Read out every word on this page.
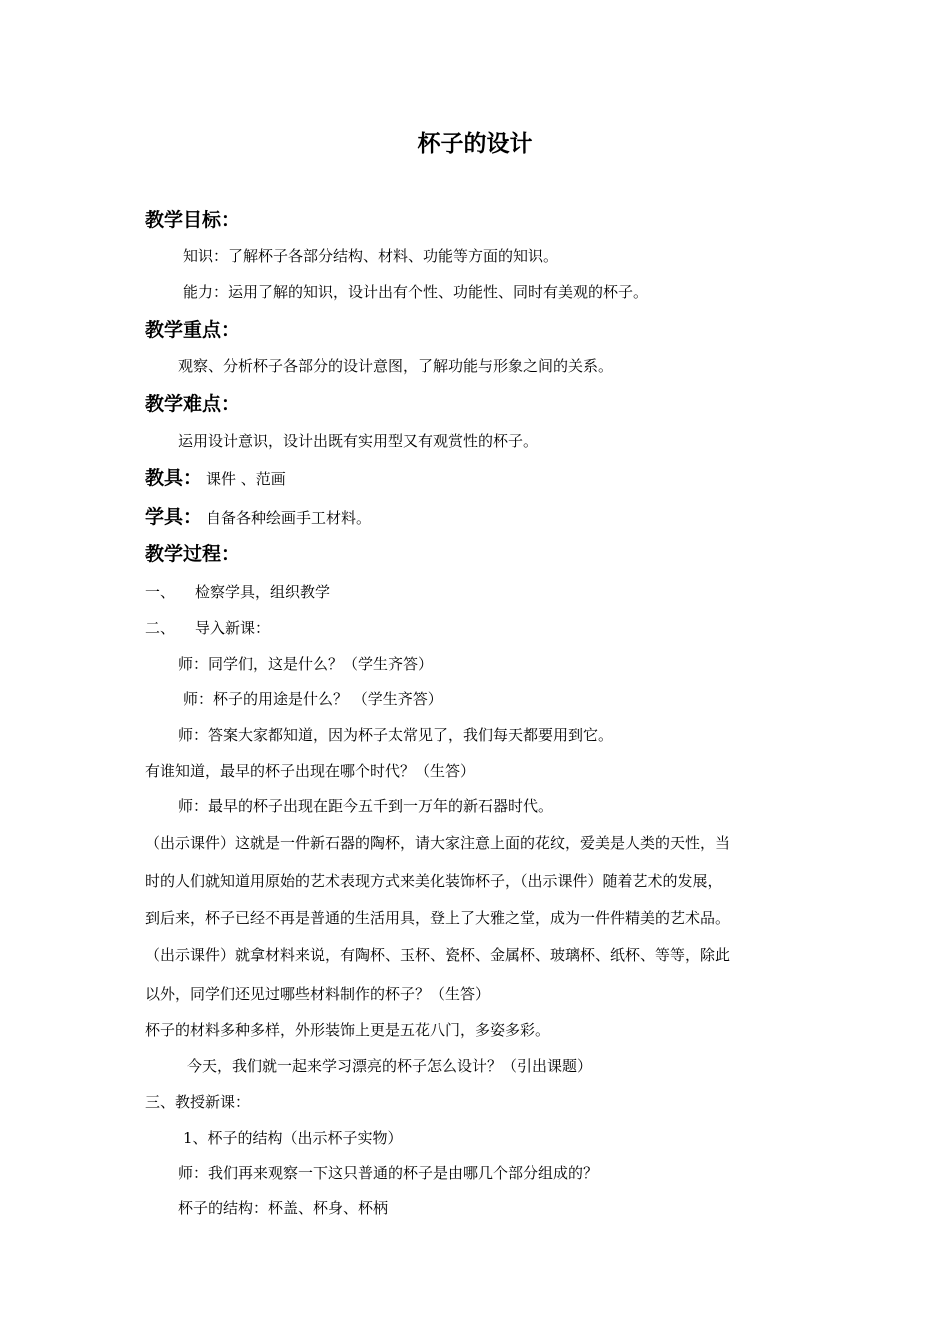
杯子的设计
教学目标：
知识：了解杯子各部分结构、材料、功能等方面的知识。
能力：运用了解的知识，设计出有个性、功能性、同时有美观的杯子。
教学重点：
观察、分析杯子各部分的设计意图，了解功能与形象之间的关系。
教学难点：
运用设计意识，设计出既有实用型又有观赏性的杯子。
教具： 课件 、范画
学具： 自备各种绘画手工材料。
教学过程：
一、 检察学具，组织教学
二、 导入新课：
师：同学们，这是什么？（学生齐答）
师：杯子的用途是什么？ （学生齐答）
师：答案大家都知道，因为杯子太常见了，我们每天都要用到它。
有谁知道，最早的杯子出现在哪个时代？（生答）
师：最早的杯子出现在距今五千到一万年的新石器时代。
（出示课件）这就是一件新石器的陶杯，请大家注意上面的花纹，爱美是人类的天性，当
时的人们就知道用原始的艺术表现方式来美化装饰杯子，（出示课件）随着艺术的发展，
到后来，杯子已经不再是普通的生活用具，登上了大雅之堂，成为一件件精美的艺术品。
（出示课件）就拿材料来说，有陶杯、玉杯、瓷杯、金属杯、玻璃杯、纸杯、等等，除此
以外，同学们还见过哪些材料制作的杯子？（生答）
杯子的材料多种多样，外形装饰上更是五花八门，多姿多彩。
今天，我们就一起来学习漂亮的杯子怎么设计？（引出课题）
三、教授新课：
1、杯子的结构（出示杯子实物）
师：我们再来观察一下这只普通的杯子是由哪几个部分组成的？
杯子的结构：杯盖、杯身、杯柄
